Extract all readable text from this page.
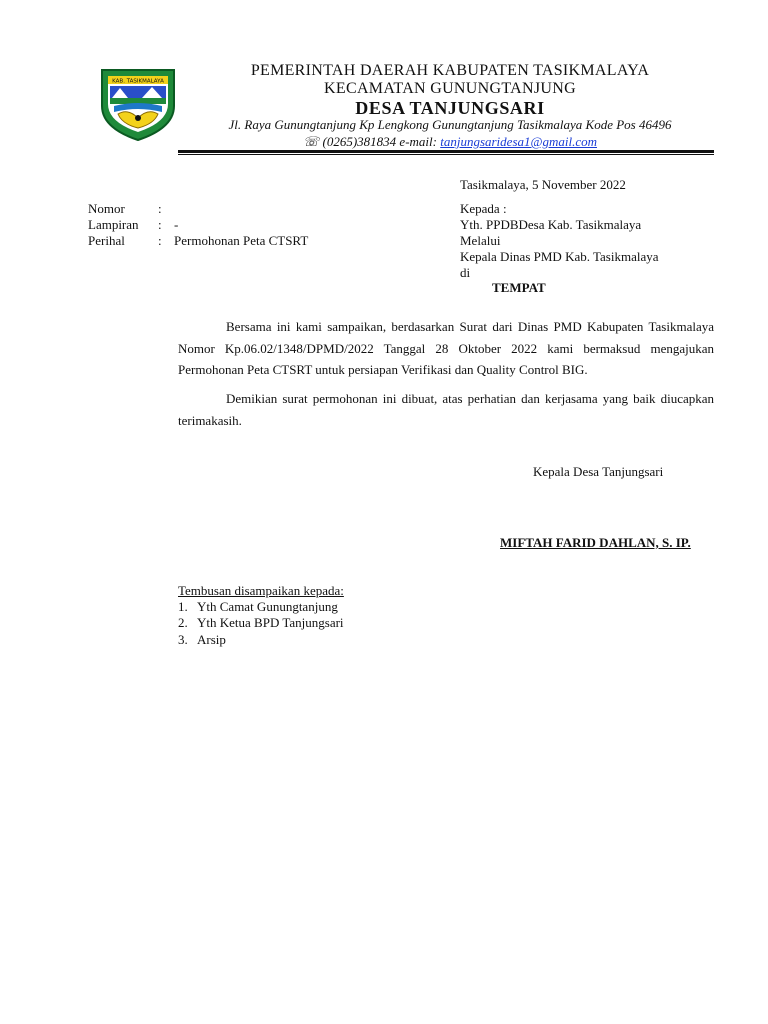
KAB. TASIKMALAYA
PEMERINTAH DAERAH KABUPATEN TASIKMALAYA
KECAMATAN GUNUNGTANJUNG
DESA TANJUNGSARI
Jl. Raya Gunungtanjung Kp Lengkong Gunungtanjung Tasikmalaya Kode Pos 46496
☏ (0265)381834 e-mail: tanjungsaridesa1@gmail.com
Tasikmalaya, 5 November 2022
Nomor	:
Lampiran : -
Perihal	: Permohonan Peta CTSRT
Kepada :
Yth. PPDBDesa Kab. Tasikmalaya
Melalui
Kepala Dinas PMD Kab. Tasikmalaya
di
TEMPAT
Bersama ini kami sampaikan, berdasarkan Surat dari Dinas PMD Kabupaten Tasikmalaya Nomor Kp.06.02/1348/DPMD/2022 Tanggal 28 Oktober 2022 kami bermaksud mengajukan Permohonan Peta CTSRT untuk persiapan Verifikasi dan Quality Control BIG.
Demikian surat permohonan ini dibuat, atas perhatian dan kerjasama yang baik diucapkan terimakasih.
Kepala Desa Tanjungsari
MIFTAH FARID DAHLAN, S. IP.
Tembusan disampaikan kepada:
1. Yth Camat Gunungtanjung
2. Yth Ketua BPD Tanjungsari
3. Arsip
